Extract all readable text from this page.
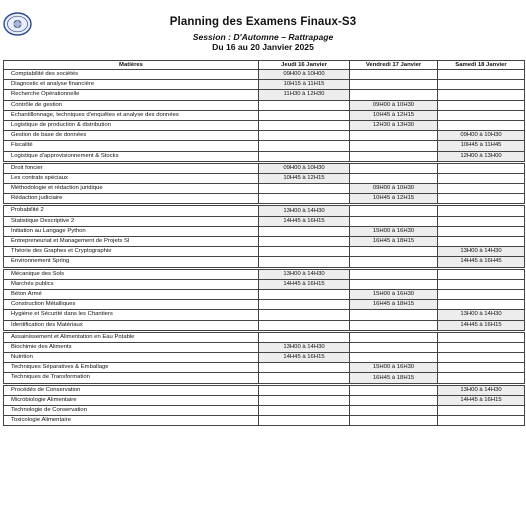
Planning des Examens Finaux-S3
Session : D'Automne – Rattrapage
Du 16 au 20 Janvier 2025
Matières	Jeudi 16 Janvier	Vendredi 17 Janvier	Samedi 18 Janvier
Comptabilité des sociétés	09H00 à 10H00		
Diagnostic et analyse financière	10H15 à 11H15		
Recherche Opérationnelle	11H30 à 12H30		
Contrôle de gestion		09H00 à 10H30	
Echantillonnage, techniques d'enquêtes et analyse des données		10H45 à 12H15	
Logistique de production & distribution		12H30 à 13H30	
Gestion de base de données			09H00 à 10H30
Fiscalité			10H45 à 11H45
Logistique d'approvisionnement & Stocks			12H00 à 13H00

Droit foncier	09H00 à 10H30		
Les contrats spéciaux	10H45 à 12H15		
Méthodologie et rédaction juridique		09H00 à 10H30	
Rédaction judiciaire		10H45 à 12H15	

Probabilité 2	13H00 à 14H30		
Statistique Descriptive 2	14H45 à 16H15		
Initiation au Langage Python		15H00 à 16H30	
Entrepreneuriat et Management de Projets SI		16H45 à 18H15	
Théorie des Graphes et Cryptographie			13H00 à 14H30
Environnement Spring			14H45 à 16H45

Mécanique des Sols	13H00 à 14H30		
Marchés publics	14H45 à 16H15		
Béton Armé		15H00 à 16H30	
Construction Métalliques		16H45 à 18H15	
Hygiène et Sécurité dans les Chantiers			13H00 à 14H30
Identification des Matériaux			14H45 à 16H15

Assainissement et Alimentation en Eau Potable			
Biochimie des Aliments	13H00 à 14H30		
Nutrition	14H45 à 16H15		
Techniques Séparatives & Emballage		15H00 à 16H30	
Techniques de Transformation		16H45 à 18H15	

Procédés de Conservation			13H00 à 14H30
Microbiologie Alimentaire			14H45 à 16H15
Technologie de Conservation			
Toxicologie Alimentaire			
